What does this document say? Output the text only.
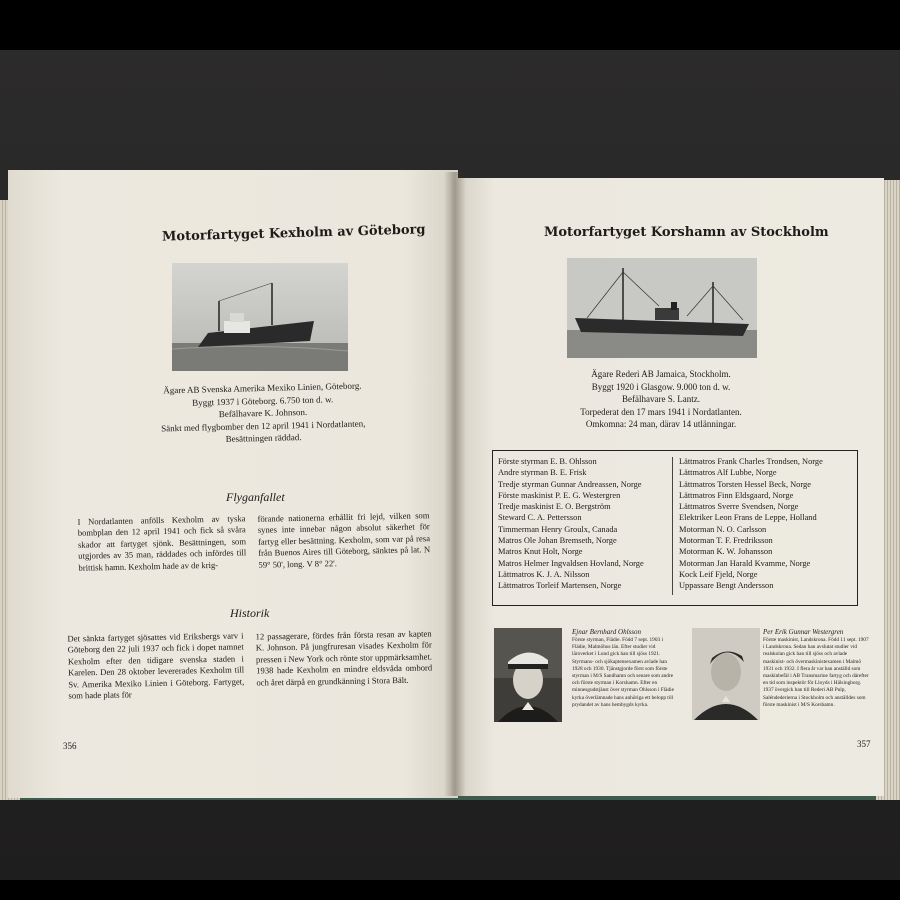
Motorfartyget Kexholm av Göteborg
Ägare AB Svenska Amerika Mexiko Linien, Göteborg.
Byggt 1937 i Göteborg. 6.750 ton d. w.
Befälhavare K. Johnson.
Sänkt med flygbomber den 12 april 1941 i Nordatlanten,
Besättningen räddad.
Flyganfallet
I Nordatlanten anfölls Kexholm av tyska bombplan den 12 april 1941 och fick så svåra skador att fartyget sjönk. Besättningen, som utgjordes av 35 man, räddades och infördes till brittisk hamn. Kexholm hade av de krig-
förande nationerna erhållit fri lejd, vilken som synes inte innebar någon absolut säkerhet för fartyg eller besättning. Kexholm, som var på resa från Buenos Aires till Göteborg, sänktes på lat. N 59° 50', long. V 8° 22'.
Historik
Det sänkta fartyget sjösattes vid Eriksbergs varv i Göteborg den 22 juli 1937 och fick i dopet namnet Kexholm efter den tidigare svenska staden i Karelen. Den 28 oktober levererades Kexholm till Sv. Amerika Mexiko Linien i Göteborg. Fartyget, som hade plats för
12 passagerare, fördes från första resan av kapten K. Johnson. På jungfruresan visades Kexholm för pressen i New York och rönte stor uppmärksamhet. 1938 hade Kexholm en mindre eldsvåda ombord och året därpå en grundkänning i Stora Bält.
356
Motorfartyget Korshamn av Stockholm
Ägare Rederi AB Jamaica, Stockholm.
Byggt 1920 i Glasgow. 9.000 ton d. w.
Befälhavare S. Lantz.
Torpederat den 17 mars 1941 i Nordatlanten.
Omkomna: 24 man, därav 14 utlänningar.
Förste styrman E. B. Ohlsson
Andre styrman B. E. Frisk
Tredje styrman Gunnar Andreassen, Norge
Förste maskinist P. E. G. Westergren
Tredje maskinist E. O. Bergström
Steward C. A. Pettersson
Timmerman Henry Groulx, Canada
Matros Ole Johan Bremseth, Norge
Matros Knut Holt, Norge
Matros Helmer Ingvaldsen Hovland, Norge
Lättmatros K. J. A. Nilsson
Lättmatros Torleif Martensen, Norge
Lättmatros Frank Charles Trondsen, Norge
Lättmatros Alf Lubbe, Norge
Lättmatros Torsten Hessel Beck, Norge
Lättmatros Finn Eldsgaard, Norge
Lättmatros Sverre Svendsen, Norge
Elektriker Leon Frans de Leppe, Holland
Motorman N. O. Carlsson
Motorman T. F. Fredriksson
Motorman K. W. Johansson
Motorman Jan Harald Kvamme, Norge
Kock Leif Fjeld, Norge
Uppassare Bengt Andersson
Ejnar Bernhard Ohlsson
Förste styrman, Flädie. Född 7 sept. 1903 i Flädie, Malmöhus län. Efter studier vid läroverket i Lund gick han till sjöss 1921. Styrmans- och sjökaptensexamen avlade han 1928 och 1930. Tjänstgjorde först som förste styrman i M/S Sandhamn och senare som andre och förste styrman i Korshamn. Efter en minnesgudstjänst över styrman Ohlsson i Flädie kyrka överlämnade hans anhöriga ett belopp till prydandet av hans hembygds kyrka.
Per Erik Gunnar Westergren
Förste maskinist, Landskrona. Född 11 sept. 1907 i Landskrona. Sedan han avslutat studier vid realskolan gick han till sjöss och avlade maskinist- och övermaskinistexamen i Malmö 1931 och 1932. I flera år var han anställd som maskinbefäl i AB Transmarine fartyg och därefter en tid som inspektör för Lloyds i Hälsingborg. 1937 övergick han till Rederi AB Pulp, Saléndederierna i Stockholm och anställdes som förste maskinist i M/S Korshamn.
357
